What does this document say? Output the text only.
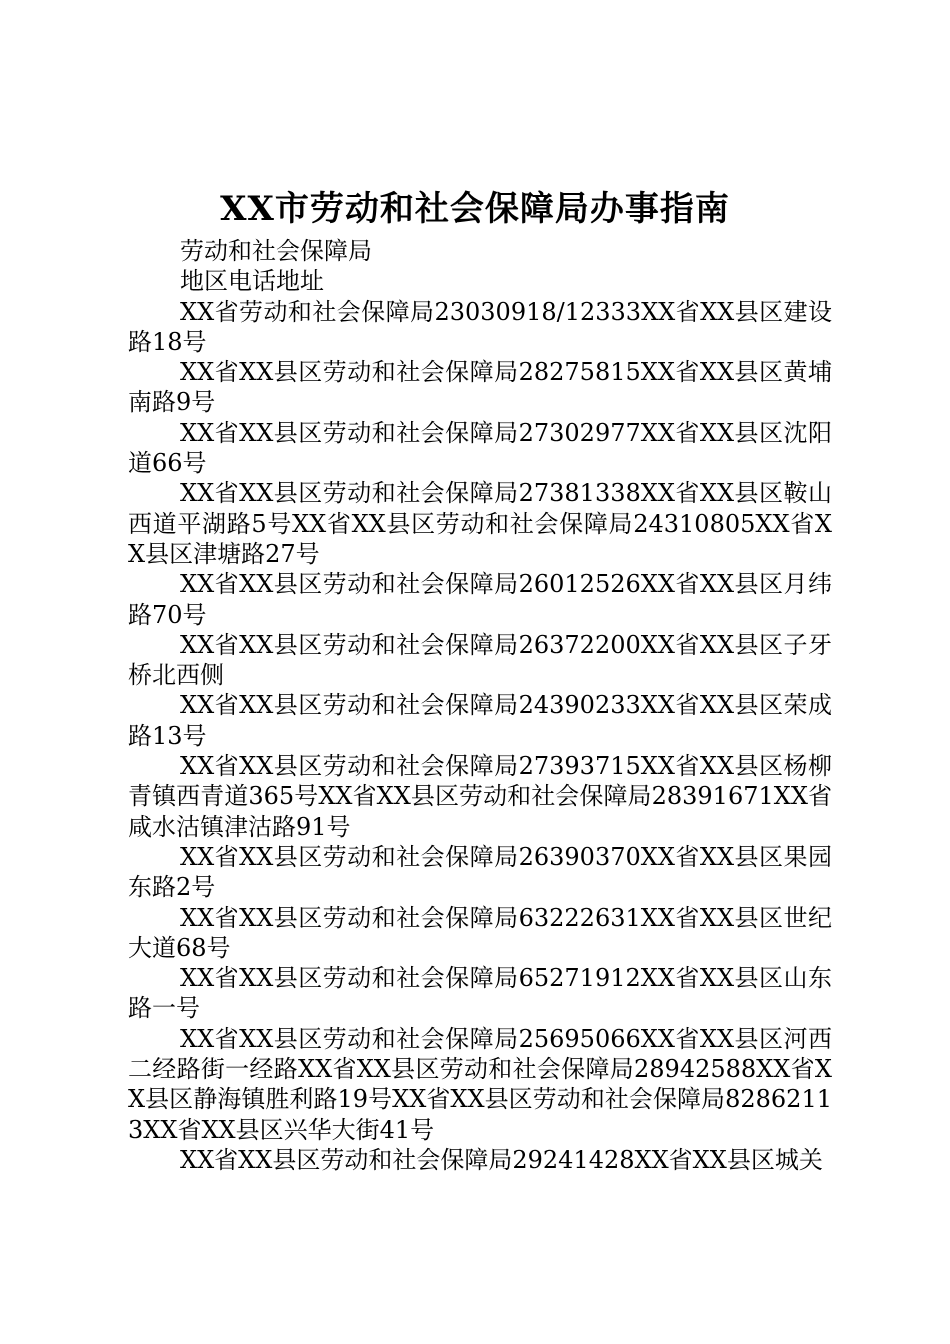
XX市劳动和社会保障局办事指南

劳动和社会保障局

地区电话地址

XX省劳动和社会保障局23030918/12333XX省XX县区建设路18号

XX省XX县区劳动和社会保障局28275815XX省XX县区黄埔南路9号

XX省XX县区劳动和社会保障局27302977XX省XX县区沈阳道66号

XX省XX县区劳动和社会保障局27381338XX省XX县区鞍山西道平湖路5号XX省XX县区劳动和社会保障局24310805XX省XX县区津塘路27号

XX省XX县区劳动和社会保障局26012526XX省XX县区月纬路70号

XX省XX县区劳动和社会保障局26372200XX省XX县区子牙桥北西侧

XX省XX县区劳动和社会保障局24390233XX省XX县区荣成路13号

XX省XX县区劳动和社会保障局27393715XX省XX县区杨柳青镇西青道365号XX省XX县区劳动和社会保障局28391671XX省咸水沽镇津沽路91号

XX省XX县区劳动和社会保障局26390370XX省XX县区果园东路2号

XX省XX县区劳动和社会保障局63222631XX省XX县区世纪大道68号

XX省XX县区劳动和社会保障局65271912XX省XX县区山东路一号

XX省XX县区劳动和社会保障局25695066XX省XX县区河西二经路街一经路XX省XX县区劳动和社会保障局28942588XX省XX县区静海镇胜利路19号XX省XX县区劳动和社会保障局82862113XX省XX县区兴华大街41号

XX省XX县区劳动和社会保障局29241428XX省XX县区城关
